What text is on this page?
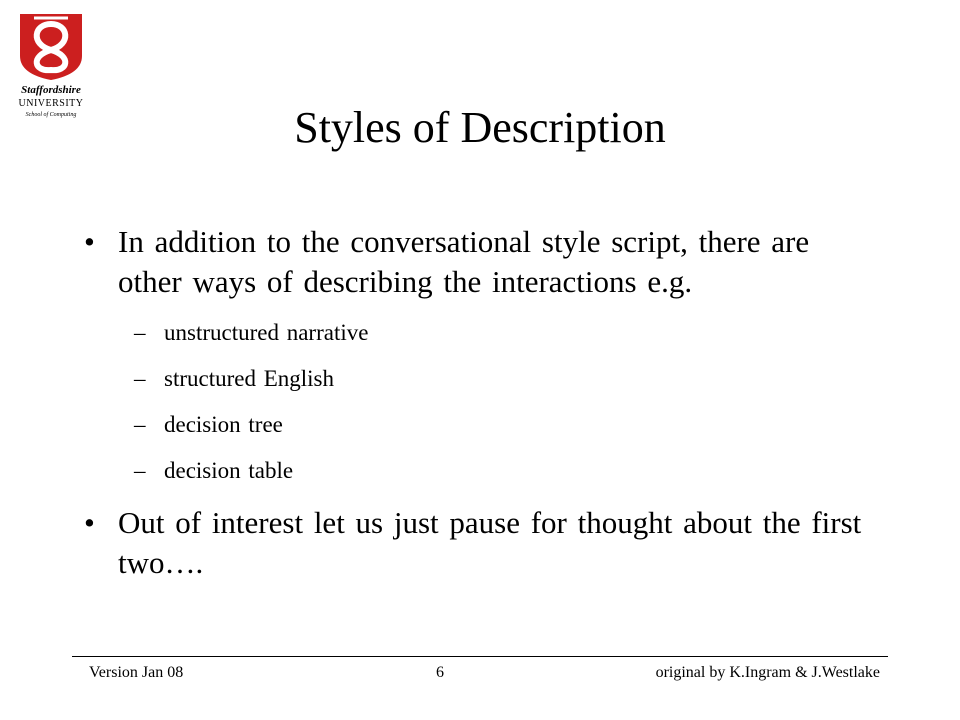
Staffordshire
UNIVERSITY
School of Computing	Styles of Description
• In addition to the conversational style script, there are other ways of describing the interactions e.g.
– unstructured narrative
– structured English
– decision tree
– decision table
• Out of interest let us just pause for thought about the first two….
Version Jan 08	6	original by K.Ingram & J.Westlake
